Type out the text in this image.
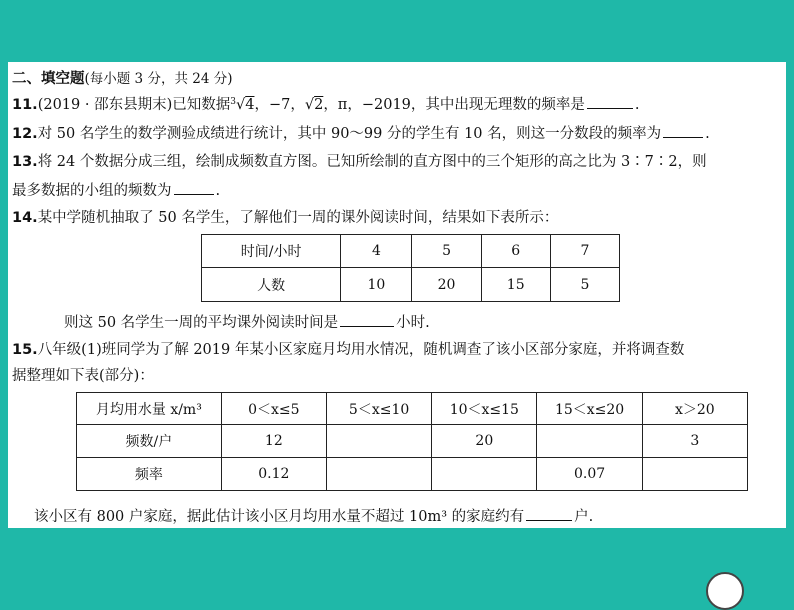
二、填空题(每小题 3 分，共 24 分)
11.(2019 · 邵东县期末)已知数据$^3$√4，−7，√2，π，−2019，其中出现无理数的频率是	.
12.对 50 名学生的数学测验成绩进行统计，其中 90～99 分的学生有 10 名，则这一分数段的频率为	.
13.将 24 个数据分成三组，绘制成频数直方图。已知所绘制的直方图中的三个矩形的高之比为 3∶7∶2，则
最多数据的小组的频数为	.
14.某中学随机抽取了 50 名学生，了解他们一周的课外阅读时间，结果如下表所示：
时间/小时	4	5	6	7
人数	10	20	15	5
则这 50 名学生一周的平均课外阅读时间是	小时.
15.八年级(1)班同学为了解 2019 年某小区家庭月均用水情况，随机调查了该小区部分家庭，并将调查数
据整理如下表(部分)：
月均用水量 x/m³	0＜x≤5	5＜x≤10	10＜x≤15	15＜x≤20	x＞20
频数/户	12		20		3
频率	0.12			0.07	
该小区有 800 户家庭，据此估计该小区月均用水量不超过 10m³ 的家庭约有	户.
